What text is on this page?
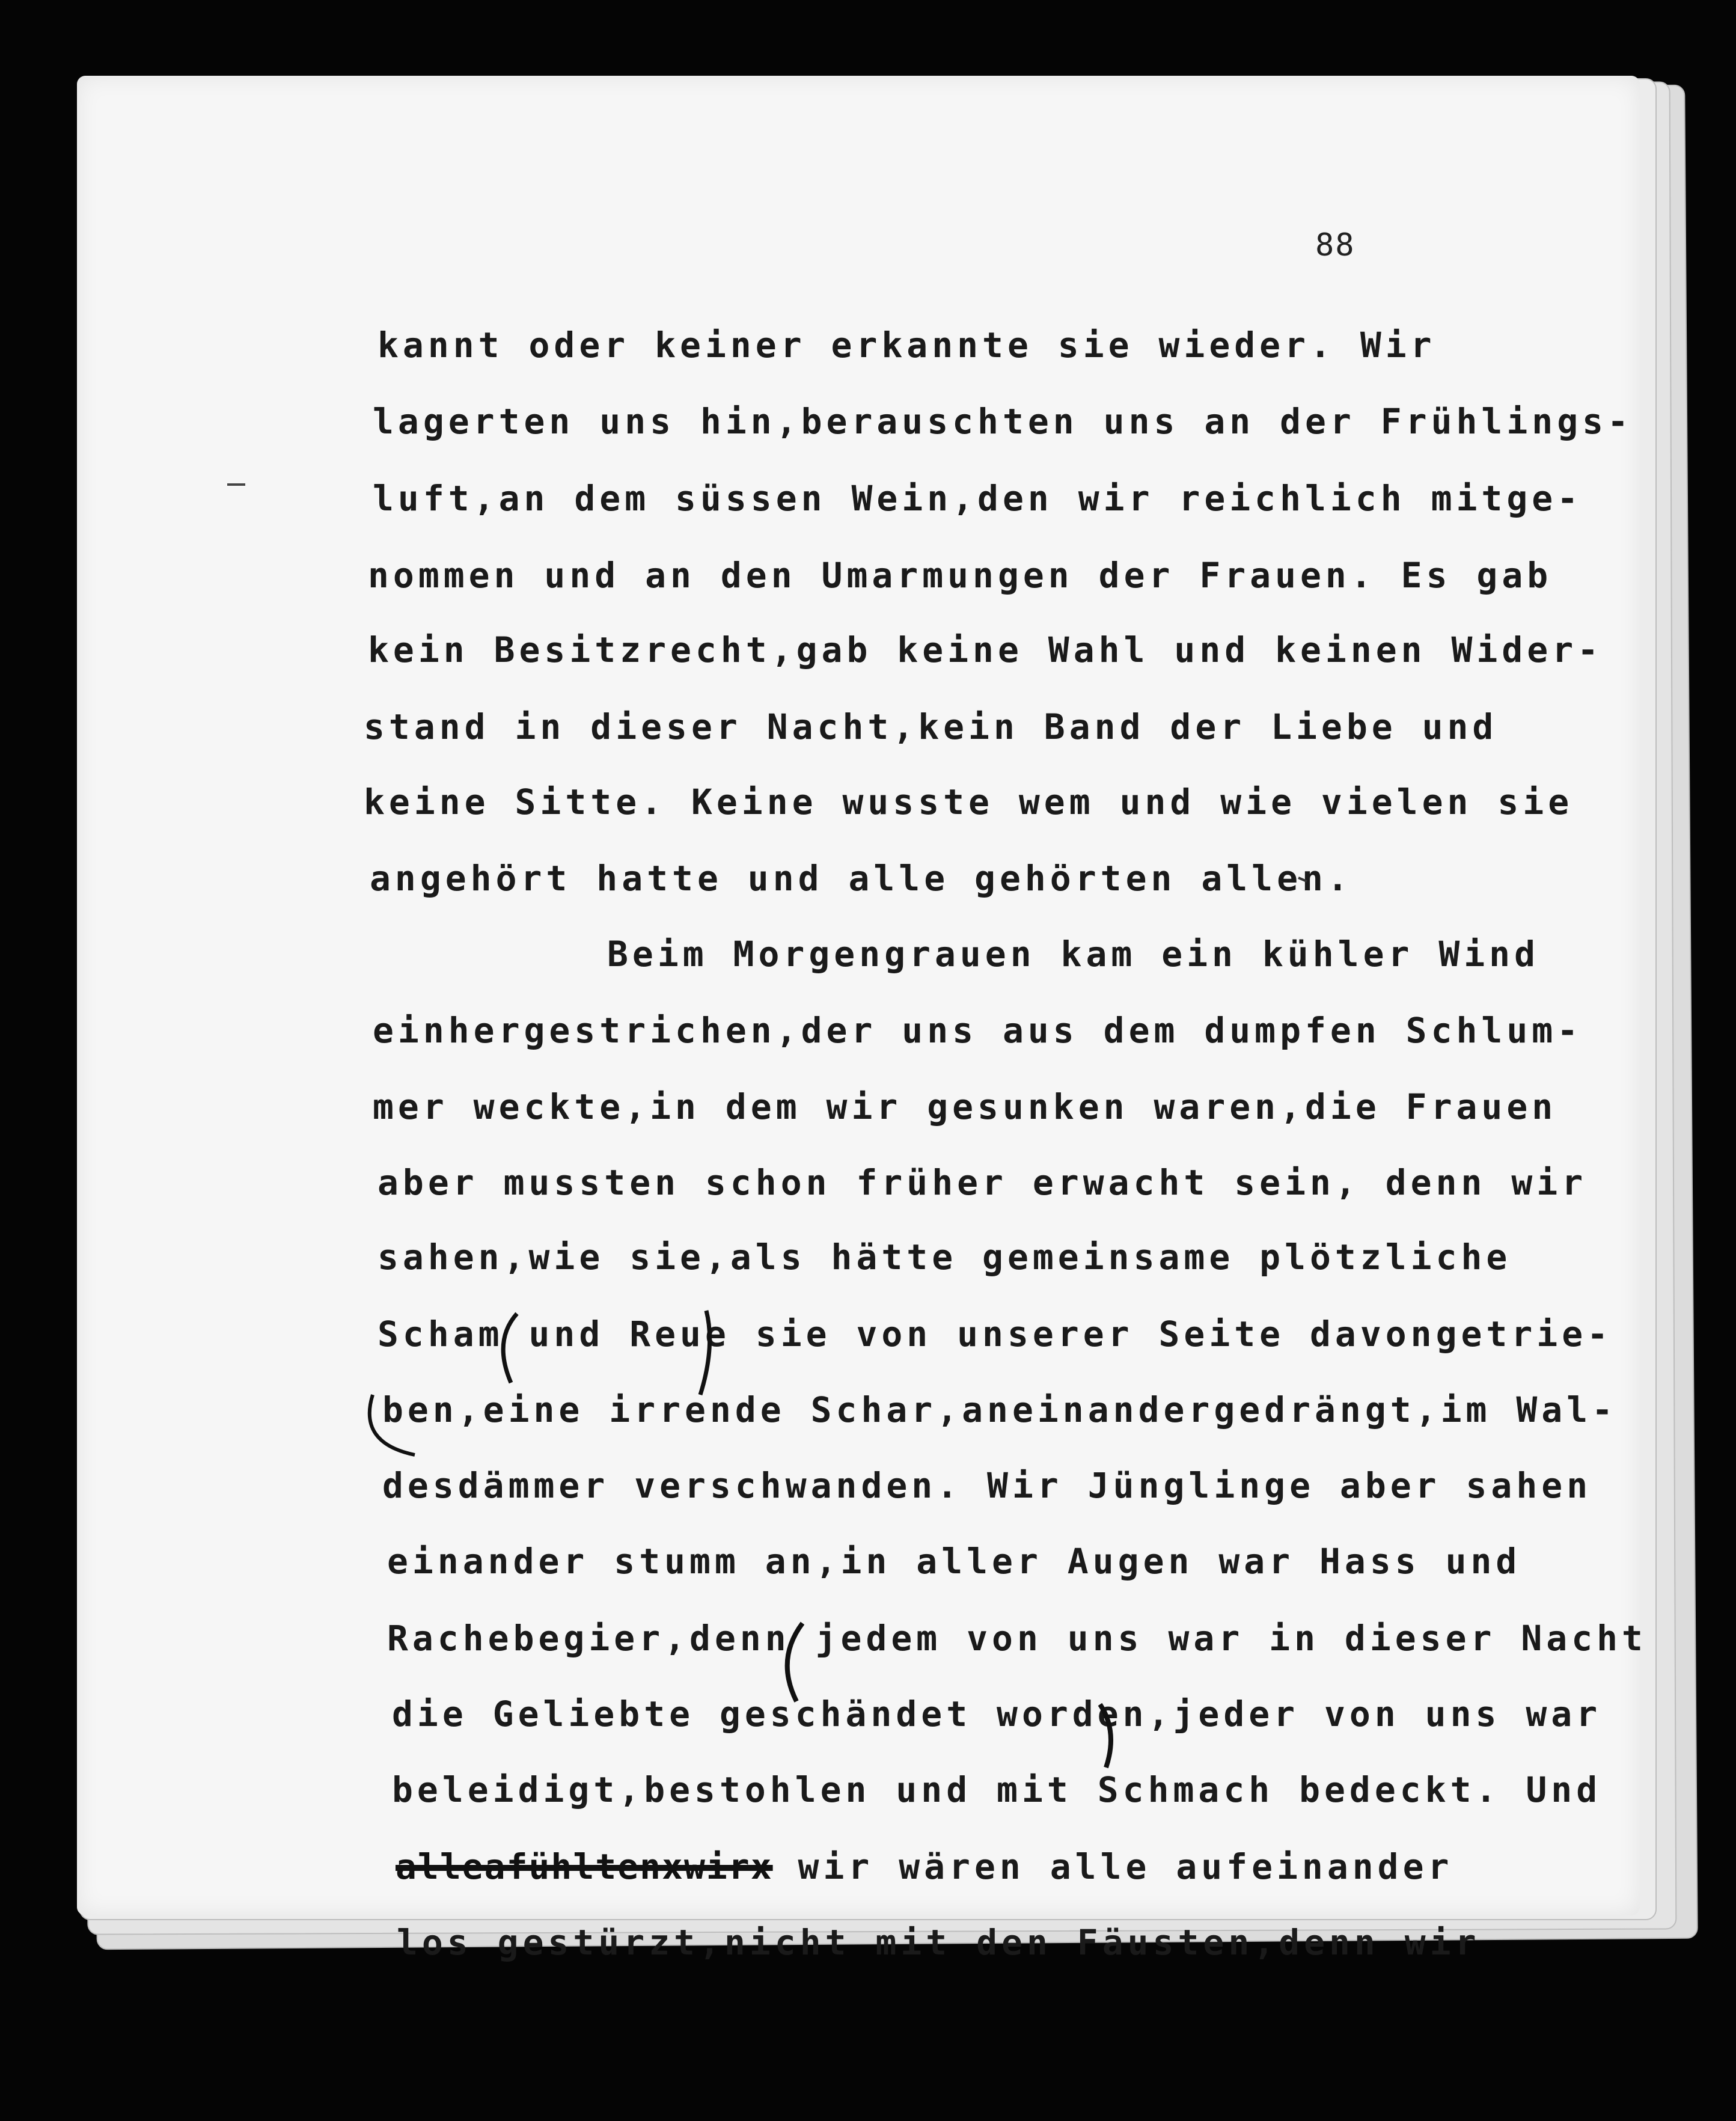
88
kannt oder keiner erkannte sie wieder. Wir
lagerten uns hin,berauschten uns an der Frühlings-
luft,an dem süssen Wein,den wir reichlich mitge-
nommen und an den Umarmungen der Frauen. Es gab
kein Besitzrecht,gab keine Wahl und keinen Wider-
stand in dieser Nacht,kein Band der Liebe und
keine Sitte. Keine wusste wem und wie vielen sie
angehört hatte und alle gehörten allen.
Beim Morgengrauen kam ein kühler Wind
einhergestrichen,der uns aus dem dumpfen Schlum-
mer weckte,in dem wir gesunken waren,die Frauen
aber mussten schon früher erwacht sein, denn wir
sahen,wie sie,als hätte gemeinsame plötzliche
Scham und Reue sie von unserer Seite davongetrie-
ben,eine irrende Schar,aneinandergedrängt,im Wal-
desdämmer verschwanden. Wir Jünglinge aber sahen
einander stumm an,in aller Augen war Hass und
Rachebegier,denn jedem von uns war in dieser Nacht
die Geliebte geschändet worden,jeder von uns war
beleidigt,bestohlen und mit Schmach bedeckt. Und
alleafühltenxwirx wir wären alle aufeinander
los gestürzt,nicht mit den Fäusten,denn wir
